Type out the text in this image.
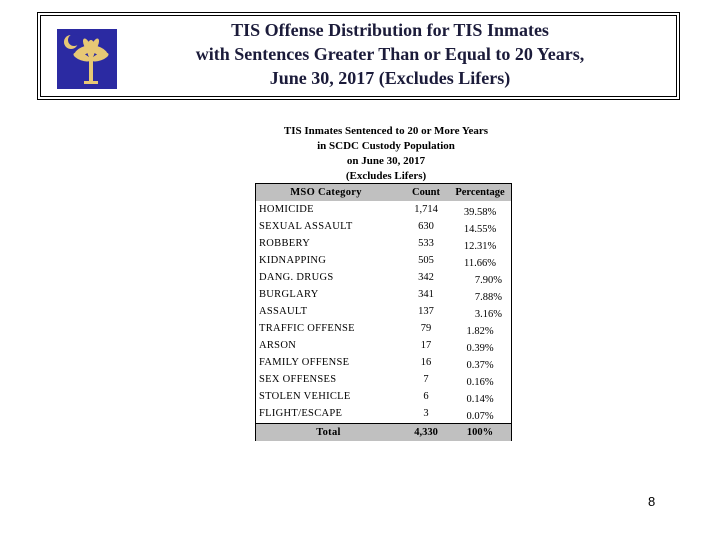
TIS Offense Distribution for TIS Inmates
with Sentences Greater Than or Equal to 20 Years,
June 30, 2017 (Excludes Lifers)
TIS Inmates Sentenced to 20 or More Years
in SCDC Custody Population
on June 30, 2017
(Excludes Lifers)
MSO Category	Count	Percentage
HOMICIDE	1,714	39.58%
SEXUAL ASSAULT	630	14.55%
ROBBERY	533	12.31%
KIDNAPPING	505	11.66%
DANG. DRUGS	342	7.90%
BURGLARY	341	7.88%
ASSAULT	137	3.16%
TRAFFIC OFFENSE	79	1.82%
ARSON	17	0.39%
FAMILY OFFENSE	16	0.37%
SEX OFFENSES	7	0.16%
STOLEN VEHICLE	6	0.14%
FLIGHT/ESCAPE	3	0.07%
Total	4,330	100%
8
